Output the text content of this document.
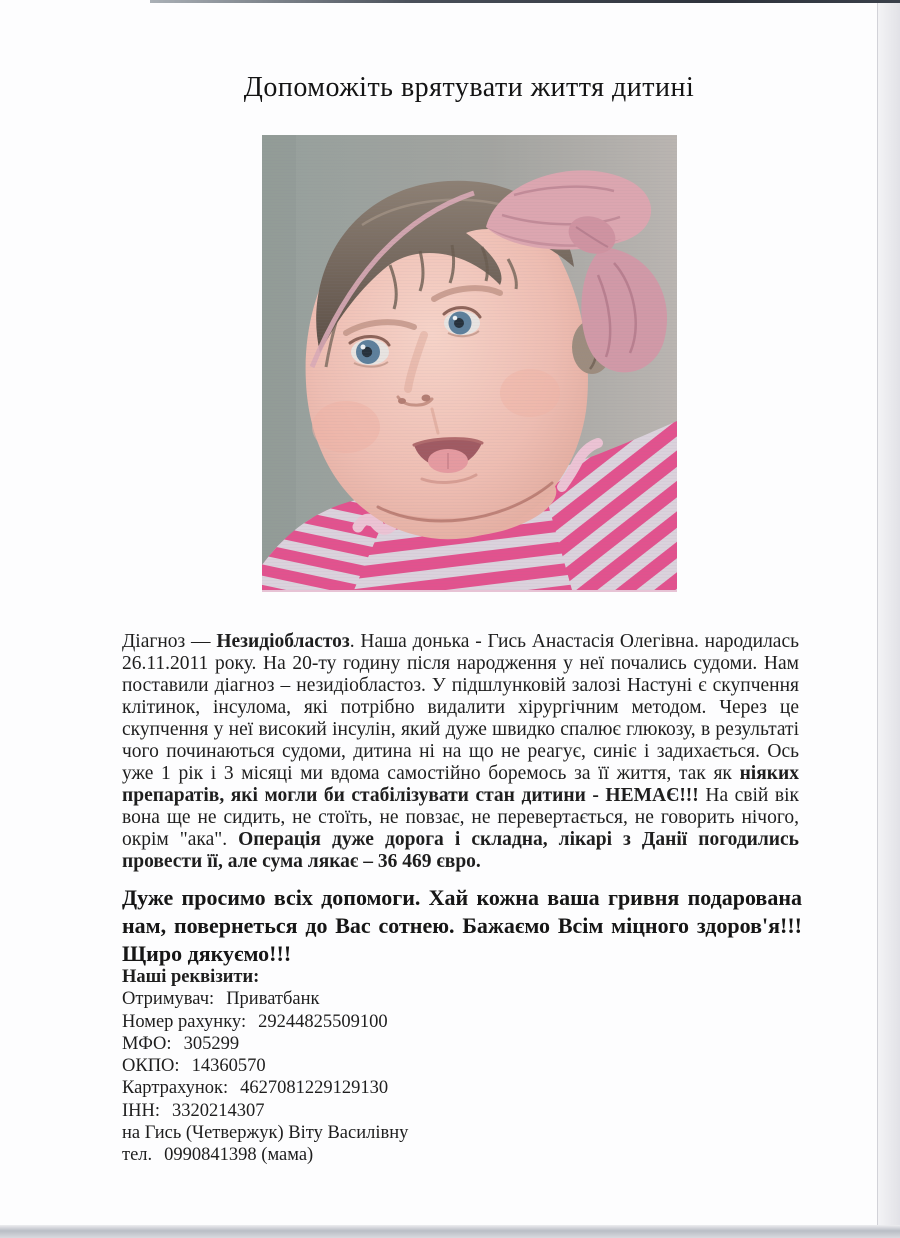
Допоможіть врятувати життя дитині

Діагноз — Незидіобластоз. Наша донька - Гись Анастасія Олегівна. народилась 26.11.2011 року. На 20-ту годину після народження у неї почались судоми. Нам поставили діагноз – незидіобластоз. У підшлунковій залозі Настуні є скупчення клітинок, інсулома, які потрібно видалити хірургічним методом. Через це скупчення у неї високий інсулін, який дуже швидко спалює глюкозу, в результаті чого починаються судоми, дитина ні на що не реагує, синіє і задихається. Ось уже 1 рік і 3 місяці ми вдома самостійно боремось за її життя, так як ніяких препаратів, які могли би стабілізувати стан дитини - НЕМАЄ!!! На свій вік вона ще не сидить, не стоїть, не повзає, не перевертається, не говорить нічого, окрім "ака". Операція дуже дорога і складна, лікарі з Данії погодились провести її, але сума лякає – 36 469 євро.

Дуже просимо всіх допомоги. Хай кожна ваша гривня подарована
нам, повернеться до Вас сотнею. Бажаємо Всім міцного здоров'я!!!
Щиро дякуємо!!!
Наші реквізити:
Отримувач: Приватбанк
Номер рахунку: 29244825509100
МФО: 305299
ОКПО: 14360570
Картрахунок: 4627081229129130
ІНН: 3320214307
на Гись (Четвержук) Віту Василівну
тел. 0990841398 (мама)
